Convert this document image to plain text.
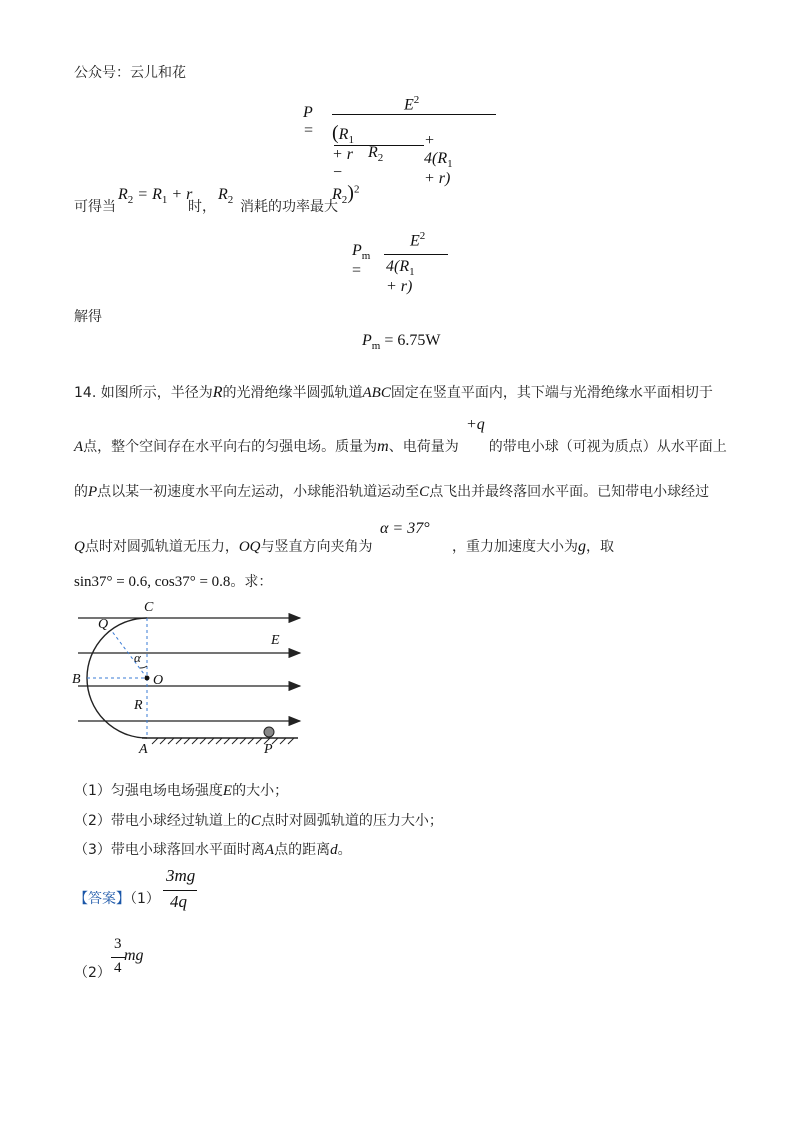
公众号：云儿和花
P =
$E^2$
$(R_1 + r - R_2)^2$
$R_2$
+ $4(R_1 + r)$
可得当
$R_2 = R_1 + r$
时，
$R_2$ 消耗的功率最大
$P_m$ =
$E^2$
$4(R_1 + r)$
解得
$P_m = 6.75W$
14. 如图所示，半径为R的光滑绝缘半圆弧轨道ABC固定在竖直平面内，其下端与光滑绝缘水平面相切于
+q
A点，整个空间存在水平向右的匀强电场。质量为m、电荷量为 的带电小球（可视为质点）从水平面上
的P点以某一初速度水平向左运动，小球能沿轨道运动至C点飞出并最终落回水平面。已知带电小球经过
Q点时对圆弧轨道无压力，OQ与竖直方向夹角为
α = 37°
，重力加速度大小为g，取
sin37° = 0.6, cos37° = 0.8。求：
C
Q
E
α
B	O
R
A	P
（1）匀强电场电场强度E的大小；
（2）带电小球经过轨道上的C点时对圆弧轨道的压力大小；
（3）带电小球落回水平面时离A点的距离d。
【答案】（1）
3mg
4q
（2）
3
4
mg
